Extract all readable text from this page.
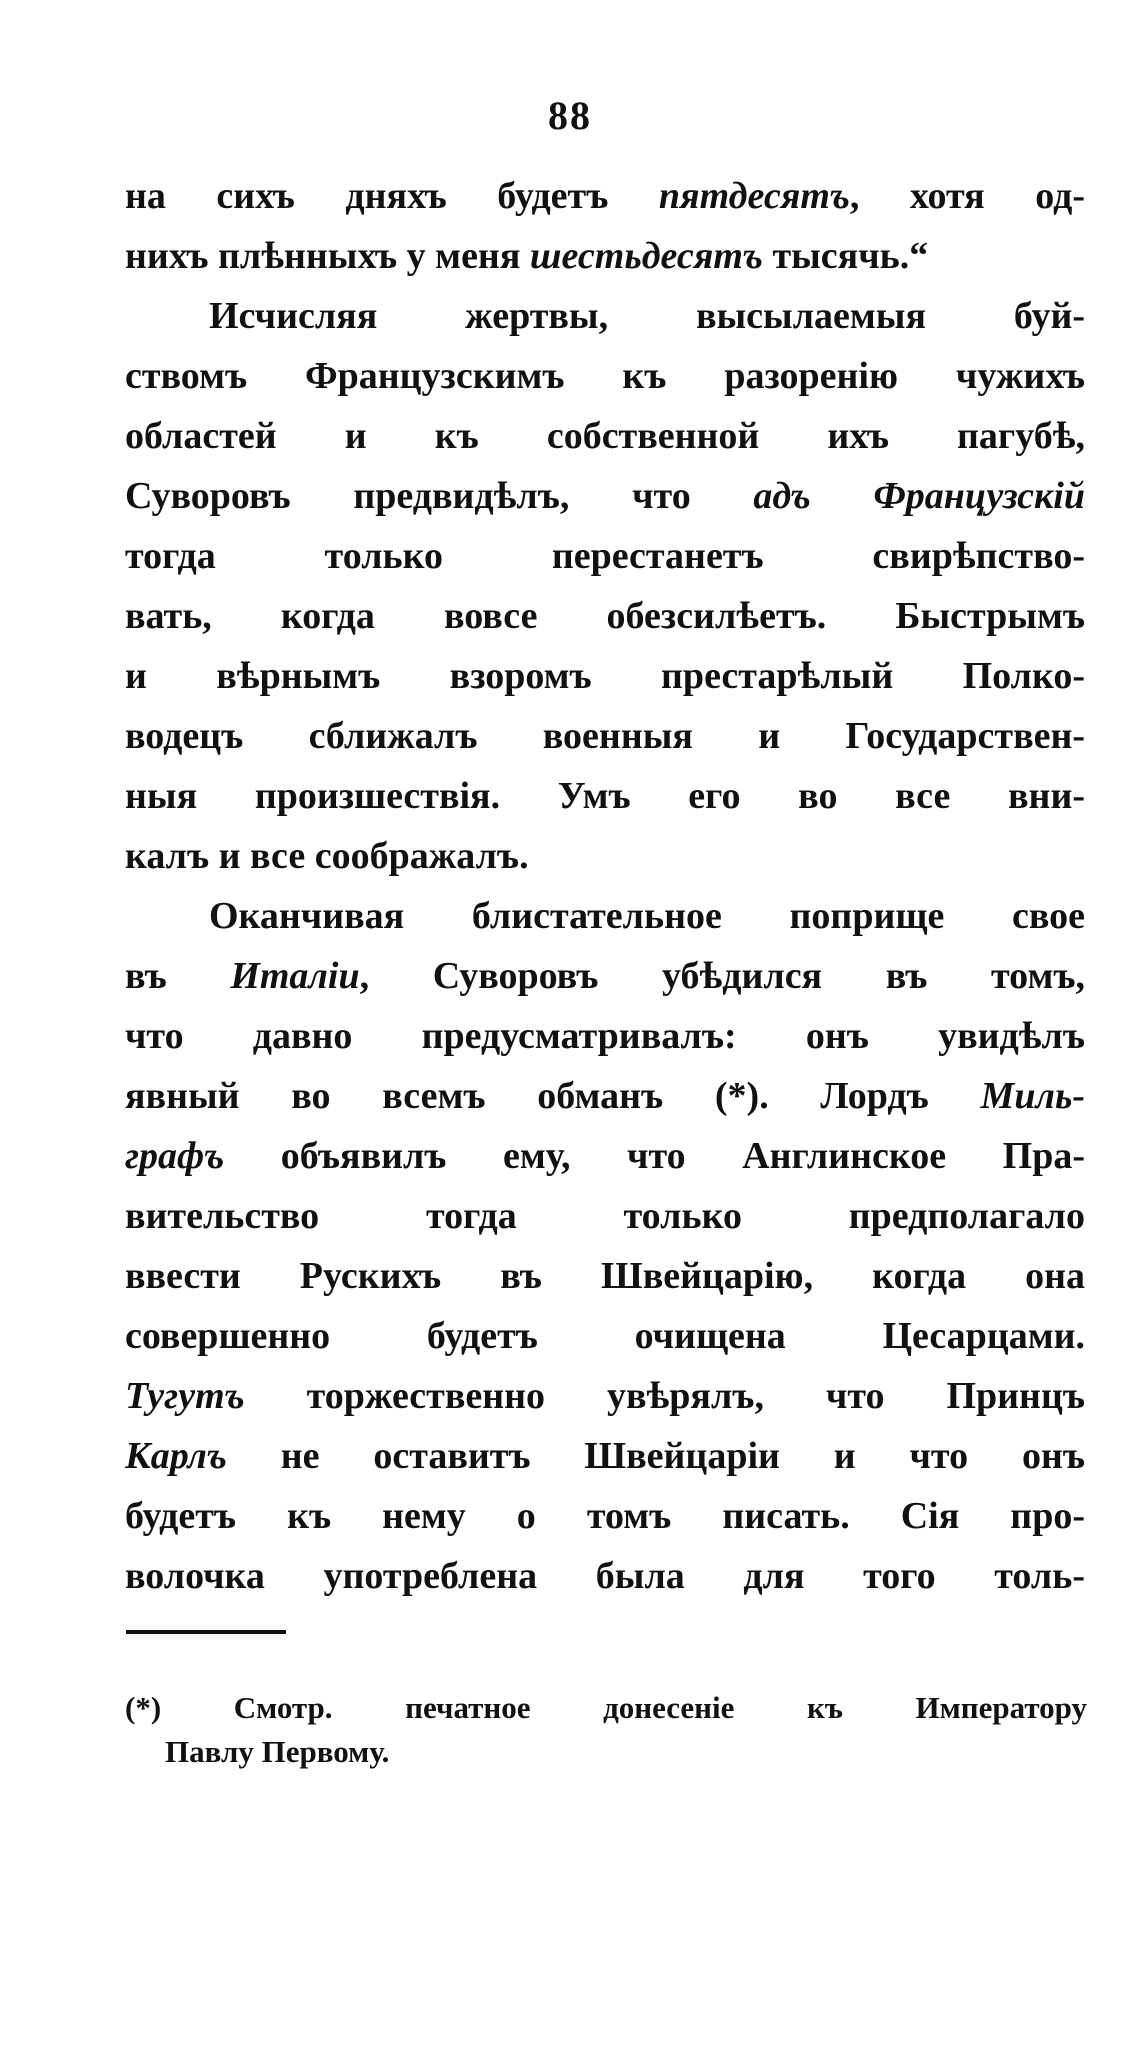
88
на сихъ дняхъ будетъ пятдесятъ, хотя од-
нихъ плѣнныхъ у меня шестьдесятъ тысячь.“
Исчисляя жертвы, высылаемыя буй-
ствомъ Французскимъ къ разоренію чужихъ
областей и къ собственной ихъ пагубѣ,
Суворовъ предвидѣлъ, что адъ Французскій
тогда только перестанетъ свирѣпство-
вать, когда вовсе обезсилѣетъ. Быстрымъ
и вѣрнымъ взоромъ престарѣлый Полко-
водецъ сближалъ военныя и Государствен-
ныя произшествія. Умъ его во все вни-
калъ и все соображалъ.
Оканчивая блистательное поприще свое
въ Италіи, Суворовъ убѣдился въ томъ,
что давно предусматривалъ: онъ увидѣлъ
явный во всемъ обманъ (*). Лордъ Миль-
графъ объявилъ ему, что Англинское Пра-
вительство тогда только предполагало
ввести Рускихъ въ Швейцарію, когда она
совершенно будетъ очищена Цесарцами.
Тугутъ торжественно увѣрялъ, что Принцъ
Карлъ не оставитъ Швейцаріи и что онъ
будетъ къ нему о томъ писать. Сія про-
волочка употреблена была для того толь-
(*) Смотр. печатное донесеніе къ Императору
Павлу Первому.
